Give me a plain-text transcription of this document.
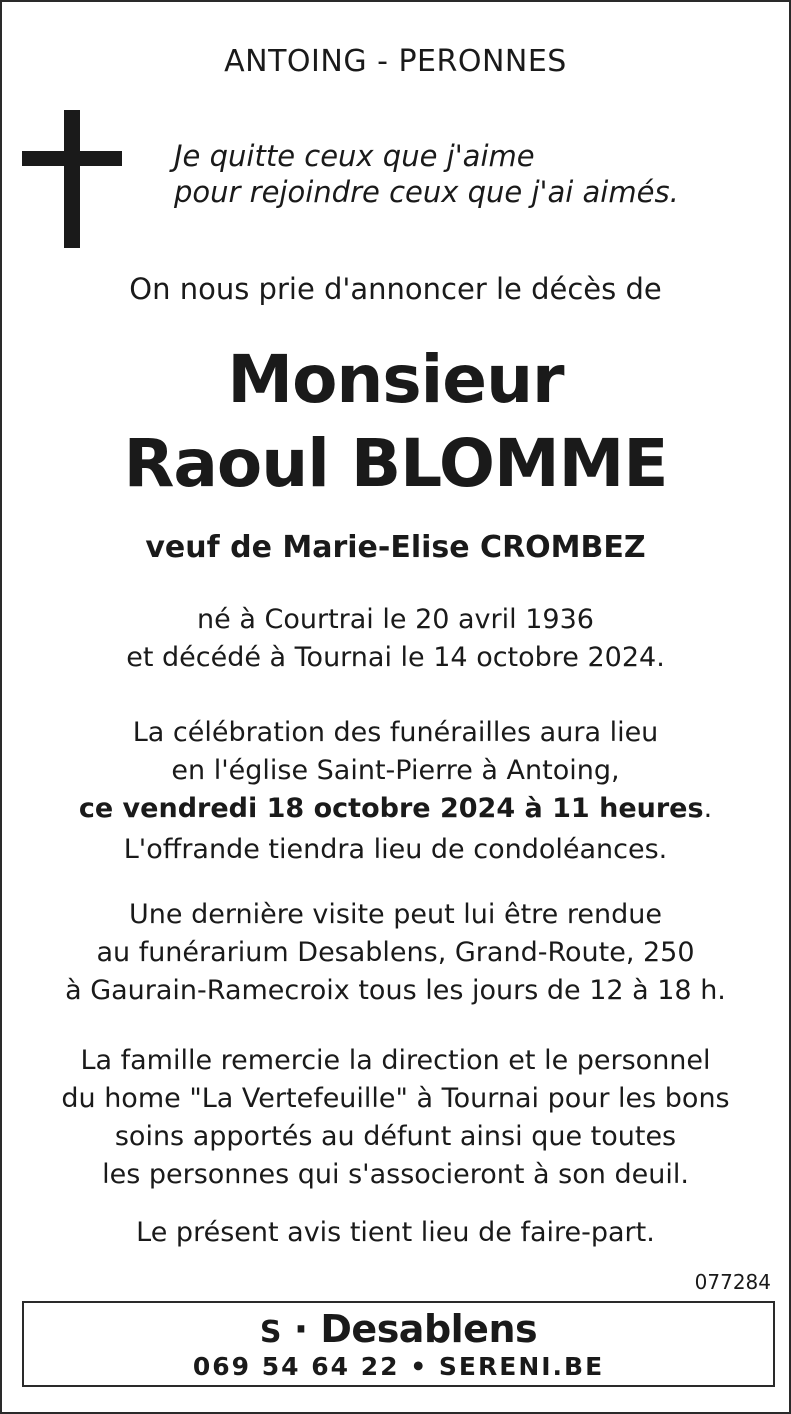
ANTOING - PERONNES
Je quitte ceux que j'aime
pour rejoindre ceux que j'ai aimés.
On nous prie d'annoncer le décès de
Monsieur
Raoul BLOMME
veuf de Marie-Elise CROMBEZ
né à Courtrai le 20 avril 1936
et décédé à Tournai le 14 octobre 2024.
La célébration des funérailles aura lieu
en l'église Saint-Pierre à Antoing,
ce vendredi 18 octobre 2024 à 11 heures.
L'offrande tiendra lieu de condoléances.
Une dernière visite peut lui être rendue
au funérarium Desablens, Grand-Route, 250
à Gaurain-Ramecroix tous les jours de 12 à 18 h.
La famille remercie la direction et le personnel
du home "La Vertefeuille" à Tournai pour les bons
soins apportés au défunt ainsi que toutes
les personnes qui s'associeront à son deuil.
Le présent avis tient lieu de faire-part.
077284
S · Desablens
069 54 64 22 • SERENI.BE
